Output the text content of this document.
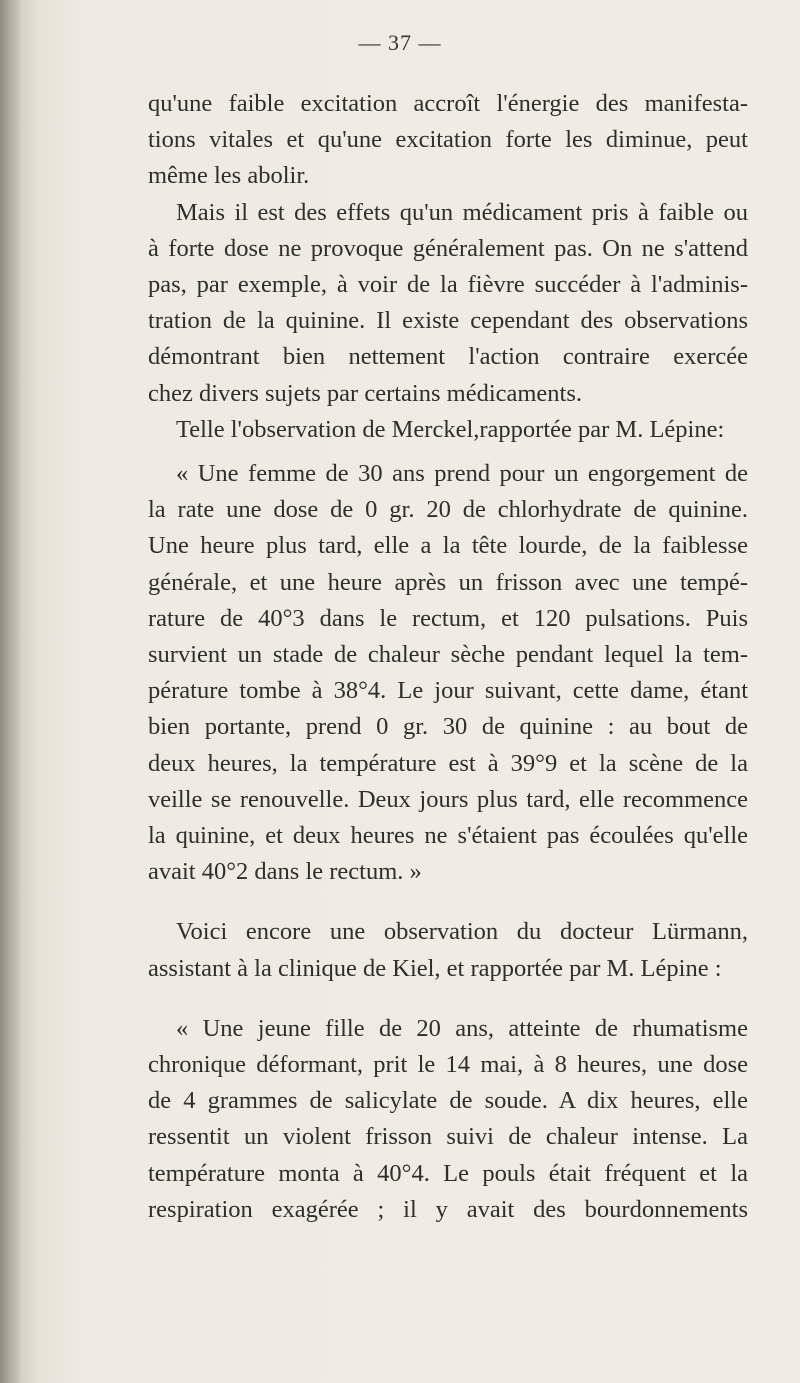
— 37 —

qu'une faible excitation accroît l'énergie des manifesta-
tions vitales et qu'une excitation forte les diminue, peut
même les abolir.

Mais il est des effets qu'un médicament pris à faible ou
à forte dose ne provoque généralement pas. On ne s'attend
pas, par exemple, à voir de la fièvre succéder à l'adminis-
tration de la quinine. Il existe cependant des observations
démontrant bien nettement l'action contraire exercée
chez divers sujets par certains médicaments.

Telle l'observation de Merckel,rapportée par M. Lépine:

« Une femme de 30 ans prend pour un engorgement de
la rate une dose de 0 gr. 20 de chlorhydrate de quinine.
Une heure plus tard, elle a la tête lourde, de la faiblesse
générale, et une heure après un frisson avec une tempé-
rature de 40°3 dans le rectum, et 120 pulsations. Puis
survient un stade de chaleur sèche pendant lequel la tem-
pérature tombe à 38°4. Le jour suivant, cette dame, étant
bien portante, prend 0 gr. 30 de quinine : au bout de
deux heures, la température est à 39°9 et la scène de la
veille se renouvelle. Deux jours plus tard, elle recommence
la quinine, et deux heures ne s'étaient pas écoulées qu'elle
avait 40°2 dans le rectum. »

Voici encore une observation du docteur Lürmann,
assistant à la clinique de Kiel, et rapportée par M. Lépine :

« Une jeune fille de 20 ans, atteinte de rhumatisme
chronique déformant, prit le 14 mai, à 8 heures, une dose
de 4 grammes de salicylate de soude. A dix heures, elle
ressentit un violent frisson suivi de chaleur intense. La
température monta à 40°4. Le pouls était fréquent et la
respiration exagérée ; il y avait des bourdonnements
